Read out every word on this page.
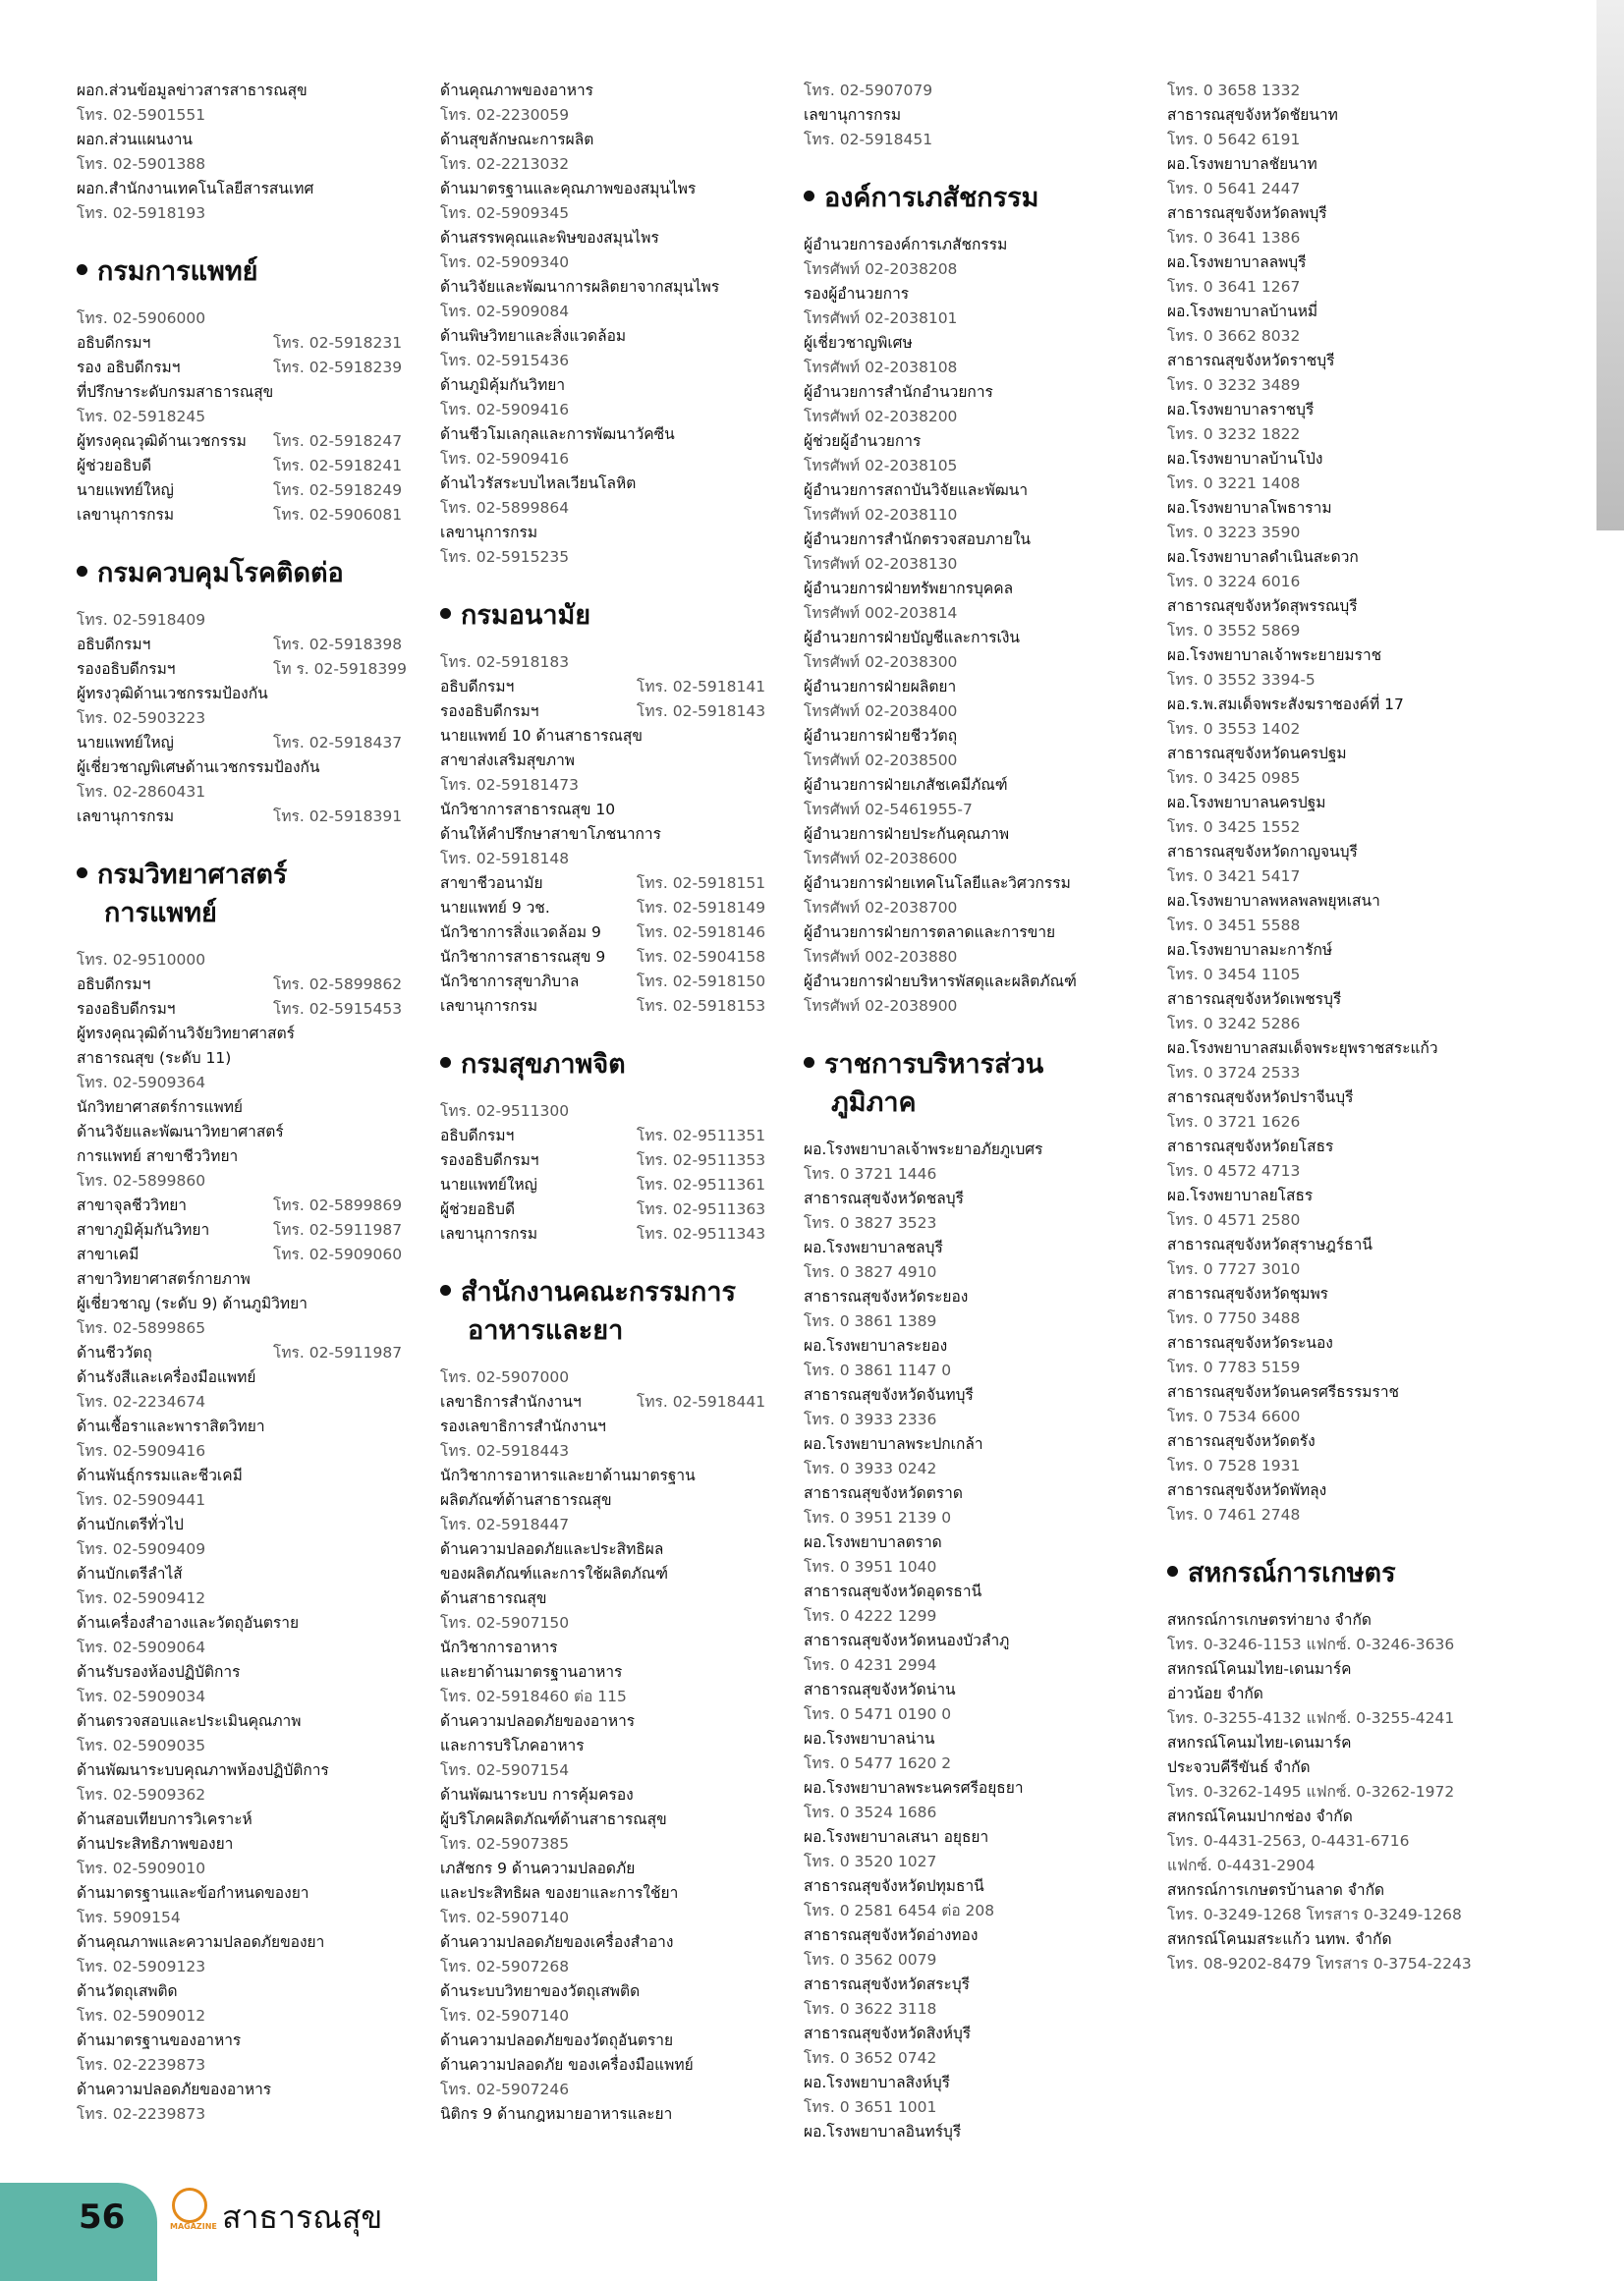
ผอก.ส่วนข้อมูลข่าวสารสาธารณสุข
โทร. 02-5901551
ผอก.ส่วนแผนงาน
โทร. 02-5901388
ผอก.สำนักงานเทคโนโลยีสารสนเทศ
โทร. 02-5918193
กรมการแพทย์
โทร. 02-5906000
อธิบดีกรมฯ	โทร. 02-5918231
รอง อธิบดีกรมฯ	โทร. 02-5918239
ที่ปรึกษาระดับกรมสาธารณสุข
โทร. 02-5918245
ผู้ทรงคุณวุฒิด้านเวชกรรม โทร. 02-5918247
ผู้ช่วยอธิบดี	โทร. 02-5918241
นายแพทย์ใหญ่	โทร. 02-5918249
เลขานุการกรม	โทร. 02-5906081
กรมควบคุมโรคติดต่อ
โทร. 02-5918409
อธิบดีกรมฯ	โทร. 02-5918398
รองอธิบดีกรมฯ	โท ร. 02-5918399
ผู้ทรงวุฒิด้านเวชกรรมป้องกัน
โทร. 02-5903223
นายแพทย์ใหญ่	โทร. 02-5918437
ผู้เชี่ยวชาญพิเศษด้านเวชกรรมป้องกัน
โทร. 02-2860431
เลขานุการกรม	โทร. 02-5918391
กรมวิทยาศาสตร์
การแพทย์
โทร. 02-9510000
อธิบดีกรมฯ	โทร. 02-5899862
รองอธิบดีกรมฯ	โทร. 02-5915453
ผู้ทรงคุณวุฒิด้านวิจัยวิทยาศาสตร์
สาธารณสุข (ระดับ 11)
โทร. 02-5909364
นักวิทยาศาสตร์การแพทย์
ด้านวิจัยและพัฒนาวิทยาศาสตร์
การแพทย์ สาขาชีววิทยา
โทร. 02-5899860
สาขาจุลชีววิทยา	โทร. 02-5899869
สาขาภูมิคุ้มกันวิทยา	โทร. 02-5911987
สาขาเคมี	โทร. 02-5909060
สาขาวิทยาศาสตร์กายภาพ
ผู้เชี่ยวชาญ (ระดับ 9) ด้านภูมิวิทยา
โทร. 02-5899865
ด้านชีววัตถุ	โทร. 02-5911987
ด้านรังสีและเครื่องมือแพทย์
โทร. 02-2234674
ด้านเชื้อราและพาราสิตวิทยา
โทร. 02-5909416
ด้านพันธุ์กรรมและชีวเคมี
โทร. 02-5909441
ด้านบักเตรีทั่วไป
โทร. 02-5909409
ด้านบักเตรีลำไส้
โทร. 02-5909412
ด้านเครื่องสำอางและวัตถุอันตราย
โทร. 02-5909064
ด้านรับรองห้องปฏิบัติการ
โทร. 02-5909034
ด้านตรวจสอบและประเมินคุณภาพ
โทร. 02-5909035
ด้านพัฒนาระบบคุณภาพห้องปฏิบัติการ
โทร. 02-5909362
ด้านสอบเทียบการวิเคราะห์
ด้านประสิทธิภาพของยา
โทร. 02-5909010
ด้านมาตรฐานและข้อกำหนดของยา
โทร. 5909154
ด้านคุณภาพและความปลอดภัยของยา
โทร. 02-5909123
ด้านวัตถุเสพติด
โทร. 02-5909012
ด้านมาตรฐานของอาหาร
โทร. 02-2239873
ด้านความปลอดภัยของอาหาร
โทร. 02-2239873
ด้านคุณภาพของอาหาร
โทร. 02-2230059
ด้านสุขลักษณะการผลิต
โทร. 02-2213032
ด้านมาตรฐานและคุณภาพของสมุนไพร
โทร. 02-5909345
ด้านสรรพคุณและพิษของสมุนไพร
โทร. 02-5909340
ด้านวิจัยและพัฒนาการผลิตยาจากสมุนไพร
โทร. 02-5909084
ด้านพิษวิทยาและสิ่งแวดล้อม
โทร. 02-5915436
ด้านภูมิคุ้มกันวิทยา
โทร. 02-5909416
ด้านชีวโมเลกุลและการพัฒนาวัคซีน
โทร. 02-5909416
ด้านไวรัสระบบไหลเวียนโลหิต
โทร. 02-5899864
เลขานุการกรม
โทร. 02-5915235
กรมอนามัย
โทร. 02-5918183
อธิบดีกรมฯ	โทร. 02-5918141
รองอธิบดีกรมฯ	โทร. 02-5918143
นายแพทย์ 10 ด้านสาธารณสุข
สาขาส่งเสริมสุขภาพ
โทร. 02-59181473
นักวิชาการสาธารณสุข 10
ด้านให้คำปรึกษาสาขาโภชนาการ
โทร. 02-5918148
สาขาชีวอนามัย	โทร. 02-5918151
นายแพทย์ 9 วช.	โทร. 02-5918149
นักวิชาการสิ่งแวดล้อม 9 โทร. 02-5918146
นักวิชาการสาธารณสุข 9 โทร. 02-5904158
นักวิชาการสุขาภิบาล	โทร. 02-5918150
เลขานุการกรม	โทร. 02-5918153
กรมสุขภาพจิต
โทร. 02-9511300
อธิบดีกรมฯ	โทร. 02-9511351
รองอธิบดีกรมฯ	โทร. 02-9511353
นายแพทย์ใหญ่	โทร. 02-9511361
ผู้ช่วยอธิบดี	โทร. 02-9511363
เลขานุการกรม	โทร. 02-9511343
สำนักงานคณะกรรมการ
อาหารและยา
โทร. 02-5907000
เลขาธิการสำนักงานฯ	โทร. 02-5918441
รองเลขาธิการสำนักงานฯ
โทร. 02-5918443
นักวิชาการอาหารและยาด้านมาตรฐาน
ผลิตภัณฑ์ด้านสาธารณสุข
โทร. 02-5918447
ด้านความปลอดภัยและประสิทธิผล
ของผลิตภัณฑ์และการใช้ผลิตภัณฑ์
ด้านสาธารณสุข
โทร. 02-5907150
นักวิชาการอาหาร
และยาด้านมาตรฐานอาหาร
โทร. 02-5918460 ต่อ 115
ด้านความปลอดภัยของอาหาร
และการบริโภคอาหาร
โทร. 02-5907154
ด้านพัฒนาระบบ การคุ้มครอง
ผู้บริโภคผลิตภัณฑ์ด้านสาธารณสุข
โทร. 02-5907385
เภสัชกร 9 ด้านความปลอดภัย
และประสิทธิผล ของยาและการใช้ยา
โทร. 02-5907140
ด้านความปลอดภัยของเครื่องสำอาง
โทร. 02-5907268
ด้านระบบวิทยาของวัตถุเสพติด
โทร. 02-5907140
ด้านความปลอดภัยของวัตถุอันตราย
ด้านความปลอดภัย ของเครื่องมือแพทย์
โทร. 02-5907246
นิติกร 9 ด้านกฎหมายอาหารและยา
โทร. 02-5907079
เลขานุการกรม
โทร. 02-5918451
องค์การเภสัชกรรม
ผู้อำนวยการองค์การเภสัชกรรม
โทรศัพท์ 02-2038208
รองผู้อำนวยการ
โทรศัพท์ 02-2038101
ผู้เชี่ยวชาญพิเศษ
โทรศัพท์ 02-2038108
ผู้อำนวยการสำนักอำนวยการ
โทรศัพท์ 02-2038200
ผู้ช่วยผู้อำนวยการ
โทรศัพท์ 02-2038105
ผู้อำนวยการสถาบันวิจัยและพัฒนา
โทรศัพท์ 02-2038110
ผู้อำนวยการสำนักตรวจสอบภายใน
โทรศัพท์ 02-2038130
ผู้อำนวยการฝ่ายทรัพยากรบุคคล
โทรศัพท์ 002-203814
ผู้อำนวยการฝ่ายบัญชีและการเงิน
โทรศัพท์ 02-2038300
ผู้อำนวยการฝ่ายผลิตยา
โทรศัพท์ 02-2038400
ผู้อำนวยการฝ่ายชีววัตถุ
โทรศัพท์ 02-2038500
ผู้อำนวยการฝ่ายเภสัชเคมีภัณฑ์
โทรศัพท์ 02-5461955-7
ผู้อำนวยการฝ่ายประกันคุณภาพ
โทรศัพท์ 02-2038600
ผู้อำนวยการฝ่ายเทคโนโลยีและวิศวกรรม
โทรศัพท์ 02-2038700
ผู้อำนวยการฝ่ายการตลาดและการขาย
โทรศัพท์ 002-203880
ผู้อำนวยการฝ่ายบริหารพัสดุและผลิตภัณฑ์
โทรศัพท์ 02-2038900
ราชการบริหารส่วน
ภูมิภาค
ผอ.โรงพยาบาลเจ้าพระยาอภัยภูเบศร
โทร. 0 3721 1446
สาธารณสุขจังหวัดชลบุรี
โทร. 0 3827 3523
ผอ.โรงพยาบาลชลบุรี
โทร. 0 3827 4910
สาธารณสุขจังหวัดระยอง
โทร. 0 3861 1389
ผอ.โรงพยาบาลระยอง
โทร. 0 3861 1147 0
สาธารณสุขจังหวัดจันทบุรี
โทร. 0 3933 2336
ผอ.โรงพยาบาลพระปกเกล้า
โทร. 0 3933 0242
สาธารณสุขจังหวัดตราด
โทร. 0 3951 2139 0
ผอ.โรงพยาบาลตราด
โทร. 0 3951 1040
สาธารณสุขจังหวัดอุดรธานี
โทร. 0 4222 1299
สาธารณสุขจังหวัดหนองบัวลำภู
โทร. 0 4231 2994
สาธารณสุขจังหวัดน่าน
โทร. 0 5471 0190 0
ผอ.โรงพยาบาลน่าน
โทร. 0 5477 1620 2
ผอ.โรงพยาบาลพระนครศรีอยุธยา
โทร. 0 3524 1686
ผอ.โรงพยาบาลเสนา อยุธยา
โทร. 0 3520 1027
สาธารณสุขจังหวัดปทุมธานี
โทร. 0 2581 6454 ต่อ 208
สาธารณสุขจังหวัดอ่างทอง
โทร. 0 3562 0079
สาธารณสุขจังหวัดสระบุรี
โทร. 0 3622 3118
สาธารณสุขจังหวัดสิงห์บุรี
โทร. 0 3652 0742
ผอ.โรงพยาบาลสิงห์บุรี
โทร. 0 3651 1001
ผอ.โรงพยาบาลอินทร์บุรี
โทร. 0 3658 1332
สาธารณสุขจังหวัดชัยนาท
โทร. 0 5642 6191
ผอ.โรงพยาบาลชัยนาท
โทร. 0 5641 2447
สาธารณสุขจังหวัดลพบุรี
โทร. 0 3641 1386
ผอ.โรงพยาบาลลพบุรี
โทร. 0 3641 1267
ผอ.โรงพยาบาลบ้านหมี่
โทร. 0 3662 8032
สาธารณสุขจังหวัดราชบุรี
โทร. 0 3232 3489
ผอ.โรงพยาบาลราชบุรี
โทร. 0 3232 1822
ผอ.โรงพยาบาลบ้านโป่ง
โทร. 0 3221 1408
ผอ.โรงพยาบาลโพธาราม
โทร. 0 3223 3590
ผอ.โรงพยาบาลดำเนินสะดวก
โทร. 0 3224 6016
สาธารณสุขจังหวัดสุพรรณบุรี
โทร. 0 3552 5869
ผอ.โรงพยาบาลเจ้าพระยายมราช
โทร. 0 3552 3394-5
ผอ.ร.พ.สมเด็จพระสังฆราชองค์ที่ 17
โทร. 0 3553 1402
สาธารณสุขจังหวัดนครปฐม
โทร. 0 3425 0985
ผอ.โรงพยาบาลนครปฐม
โทร. 0 3425 1552
สาธารณสุขจังหวัดกาญจนบุรี
โทร. 0 3421 5417
ผอ.โรงพยาบาลพหลพลพยุหเสนา
โทร. 0 3451 5588
ผอ.โรงพยาบาลมะการักษ์
โทร. 0 3454 1105
สาธารณสุขจังหวัดเพชรบุรี
โทร. 0 3242 5286
ผอ.โรงพยาบาลสมเด็จพระยุพราชสระแก้ว
โทร. 0 3724 2533
สาธารณสุขจังหวัดปราจีนบุรี
โทร. 0 3721 1626
สาธารณสุขจังหวัดยโสธร
โทร. 0 4572 4713
ผอ.โรงพยาบาลยโสธร
โทร. 0 4571 2580
สาธารณสุขจังหวัดสุราษฎร์ธานี
โทร. 0 7727 3010
สาธารณสุขจังหวัดชุมพร
โทร. 0 7750 3488
สาธารณสุขจังหวัดระนอง
โทร. 0 7783 5159
สาธารณสุขจังหวัดนครศรีธรรมราช
โทร. 0 7534 6600
สาธารณสุขจังหวัดตรัง
โทร. 0 7528 1931
สาธารณสุขจังหวัดพัทลุง
โทร. 0 7461 2748
สหกรณ์การเกษตร
สหกรณ์การเกษตรท่ายาง จำกัด
โทร. 0-3246-1153 แฟกซ์. 0-3246-3636
สหกรณ์โคนมไทย-เดนมาร์ค
อ่าวน้อย จำกัด
โทร. 0-3255-4132 แฟกซ์. 0-3255-4241
สหกรณ์โคนมไทย-เดนมาร์ค
ประจวบคีรีขันธ์ จำกัด
โทร. 0-3262-1495 แฟกซ์. 0-3262-1972
สหกรณ์โคนมปากช่อง จำกัด
โทร. 0-4431-2563, 0-4431-6716
แฟกซ์. 0-4431-2904
สหกรณ์การเกษตรบ้านลาด จำกัด
โทร. 0-3249-1268 โทรสาร 0-3249-1268
สหกรณ์โคนมสระแก้ว นทพ. จำกัด
โทร. 08-9202-8479 โทรสาร 0-3754-2243
56	MAGAZINE สาธารณสุข
